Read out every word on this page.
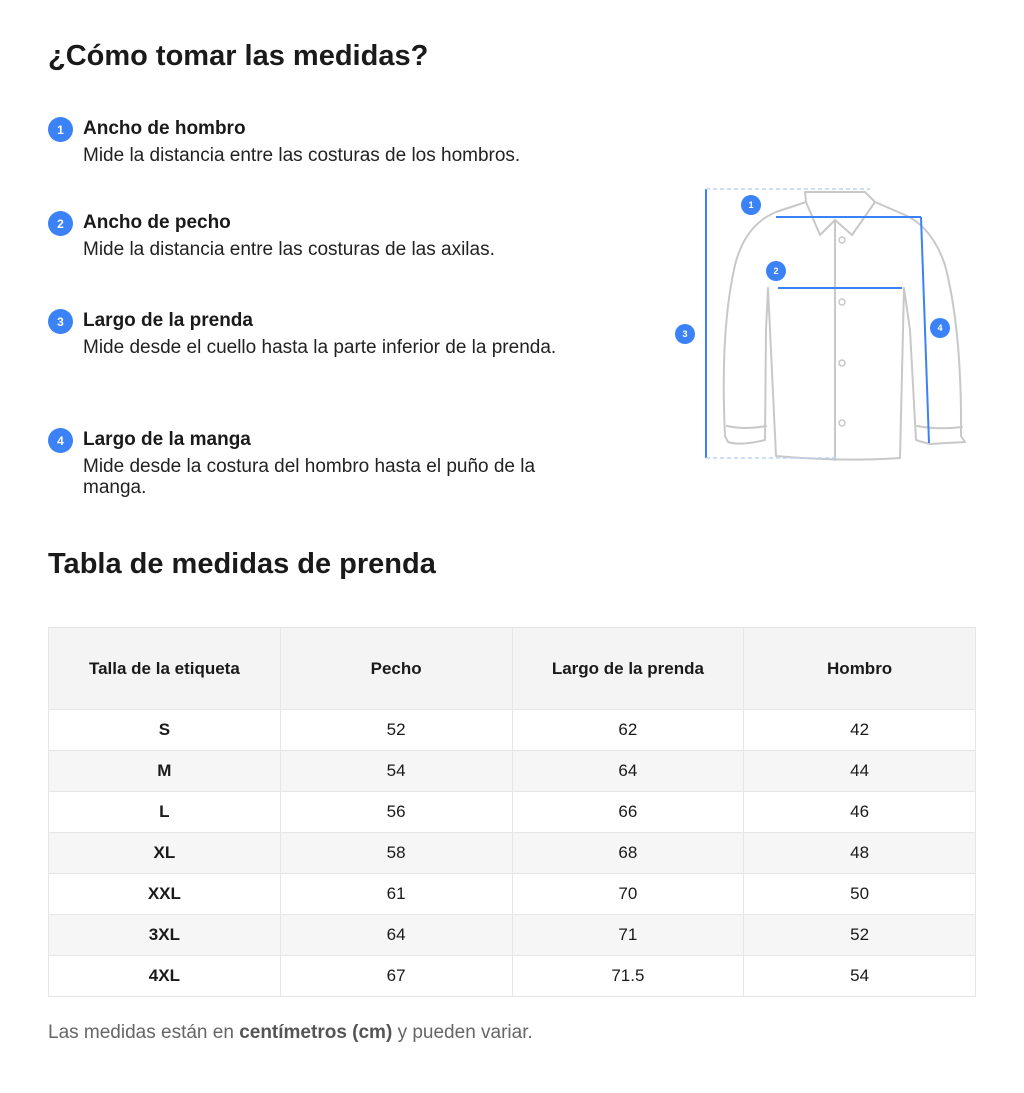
¿Cómo tomar las medidas?
1	Ancho de hombro
Mide la distancia entre las costuras de los hombros.
2	Ancho de pecho
Mide la distancia entre las costuras de las axilas.
3	Largo de la prenda
Mide desde el cuello hasta la parte inferior de la prenda.
4	Largo de la manga
Mide desde la costura del hombro hasta el puño de la manga.
1
2
3
4
Tabla de medidas de prenda
Talla de la etiqueta	Pecho	Largo de la prenda	Hombro
S	52	62	42
M	54	64	44
L	56	66	46
XL	58	68	48
XXL	61	70	50
3XL	64	71	52
4XL	67	71.5	54
Las medidas están en centímetros (cm) y pueden variar.
